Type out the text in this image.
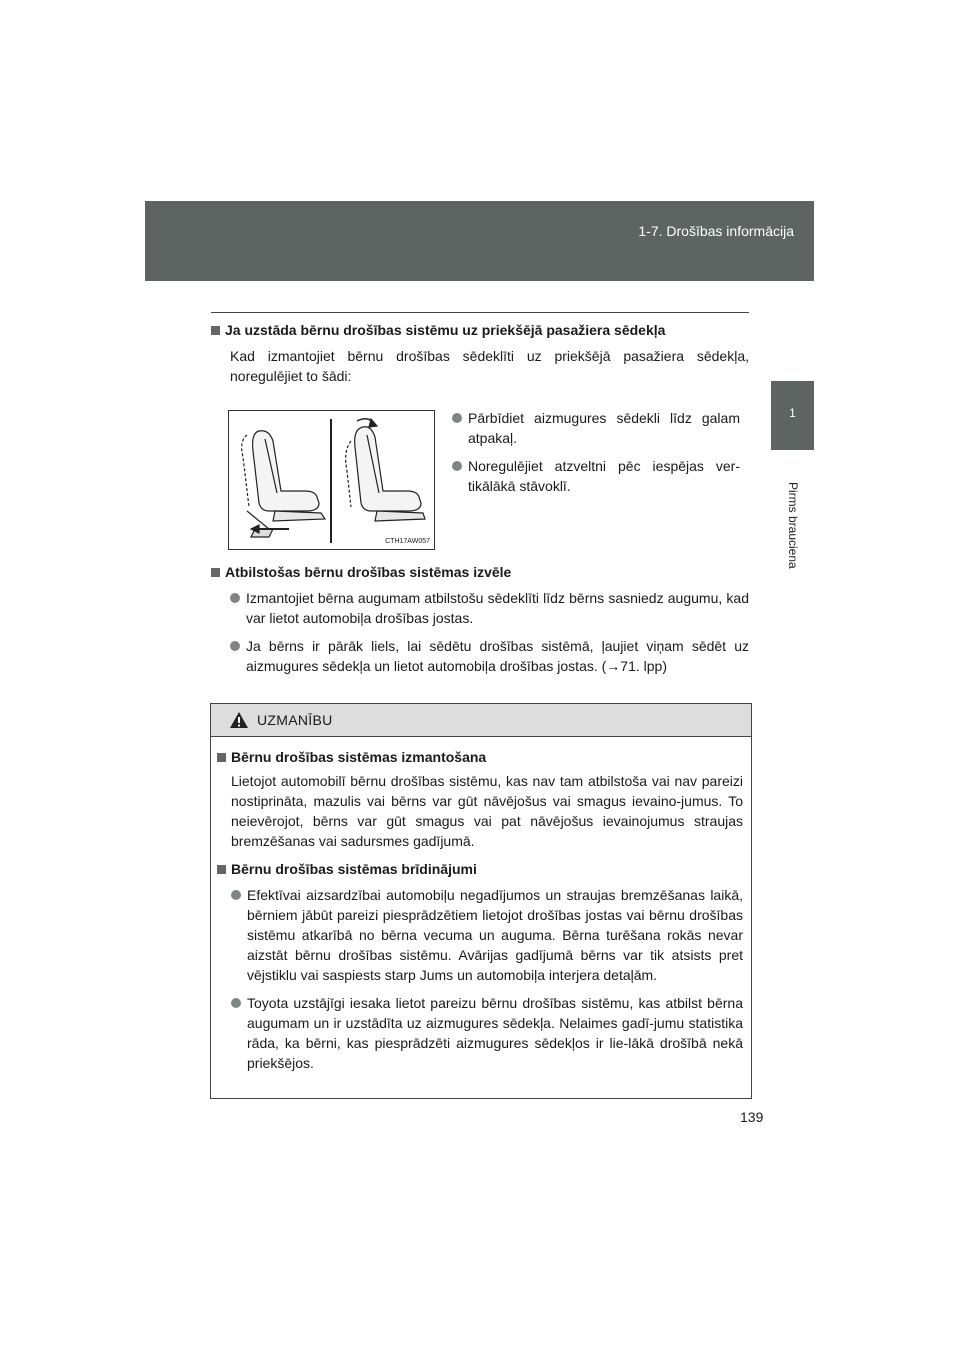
1-7. Drošības informācija
1
Pirms brauciena
Ja uzstāda bērnu drošības sistēmu uz priekšējā pasažiera sēdekļa
Kad izmantojiet bērnu drošības sēdeklīti uz priekšējā pasažiera sēdekļa, noregulējiet to šādi:
CTH17AW057
Pārbīdiet aizmugures sēdekli līdz galam atpakaļ.
Noregulējiet atzveltni pēc iespējas ver-tikālākā stāvoklī.
Atbilstošas bērnu drošības sistēmas izvēle
Izmantojiet bērna augumam atbilstošu sēdeklīti līdz bērns sasniedz augumu, kad var lietot automobiļa drošības jostas.
Ja bērns ir pārāk liels, lai sēdētu drošības sistēmā, ļaujiet viņam sēdēt uz aizmugures sēdekļa un lietot automobiļa drošības jostas. (→71. lpp)
UZMANĪBU
Bērnu drošības sistēmas izmantošana
Lietojot automobilī bērnu drošības sistēmu, kas nav tam atbilstoša vai nav pareizi nostiprināta, mazulis vai bērns var gūt nāvējošus vai smagus ievaino-jumus. To neievērojot, bērns var gūt smagus vai pat nāvējošus ievainojumus straujas bremzēšanas vai sadursmes gadījumā.
Bērnu drošības sistēmas brīdinājumi
Efektīvai aizsardzībai automobiļu negadījumos un straujas bremzēšanas laikā, bērniem jābūt pareizi piesprādzētiem lietojot drošības jostas vai bērnu drošības sistēmu atkarībā no bērna vecuma un auguma. Bērna turēšana rokās nevar aizstāt bērnu drošības sistēmu. Avārijas gadījumā bērns var tik atsists pret vējstiklu vai saspiests starp Jums un automobiļa interjera detaļām.
Toyota uzstājīgi iesaka lietot pareizu bērnu drošības sistēmu, kas atbilst bērna augumam un ir uzstādīta uz aizmugures sēdekļa. Nelaimes gadī-jumu statistika rāda, ka bērni, kas piesprādzēti aizmugures sēdekļos ir lie-lākā drošībā nekā priekšējos.
139
